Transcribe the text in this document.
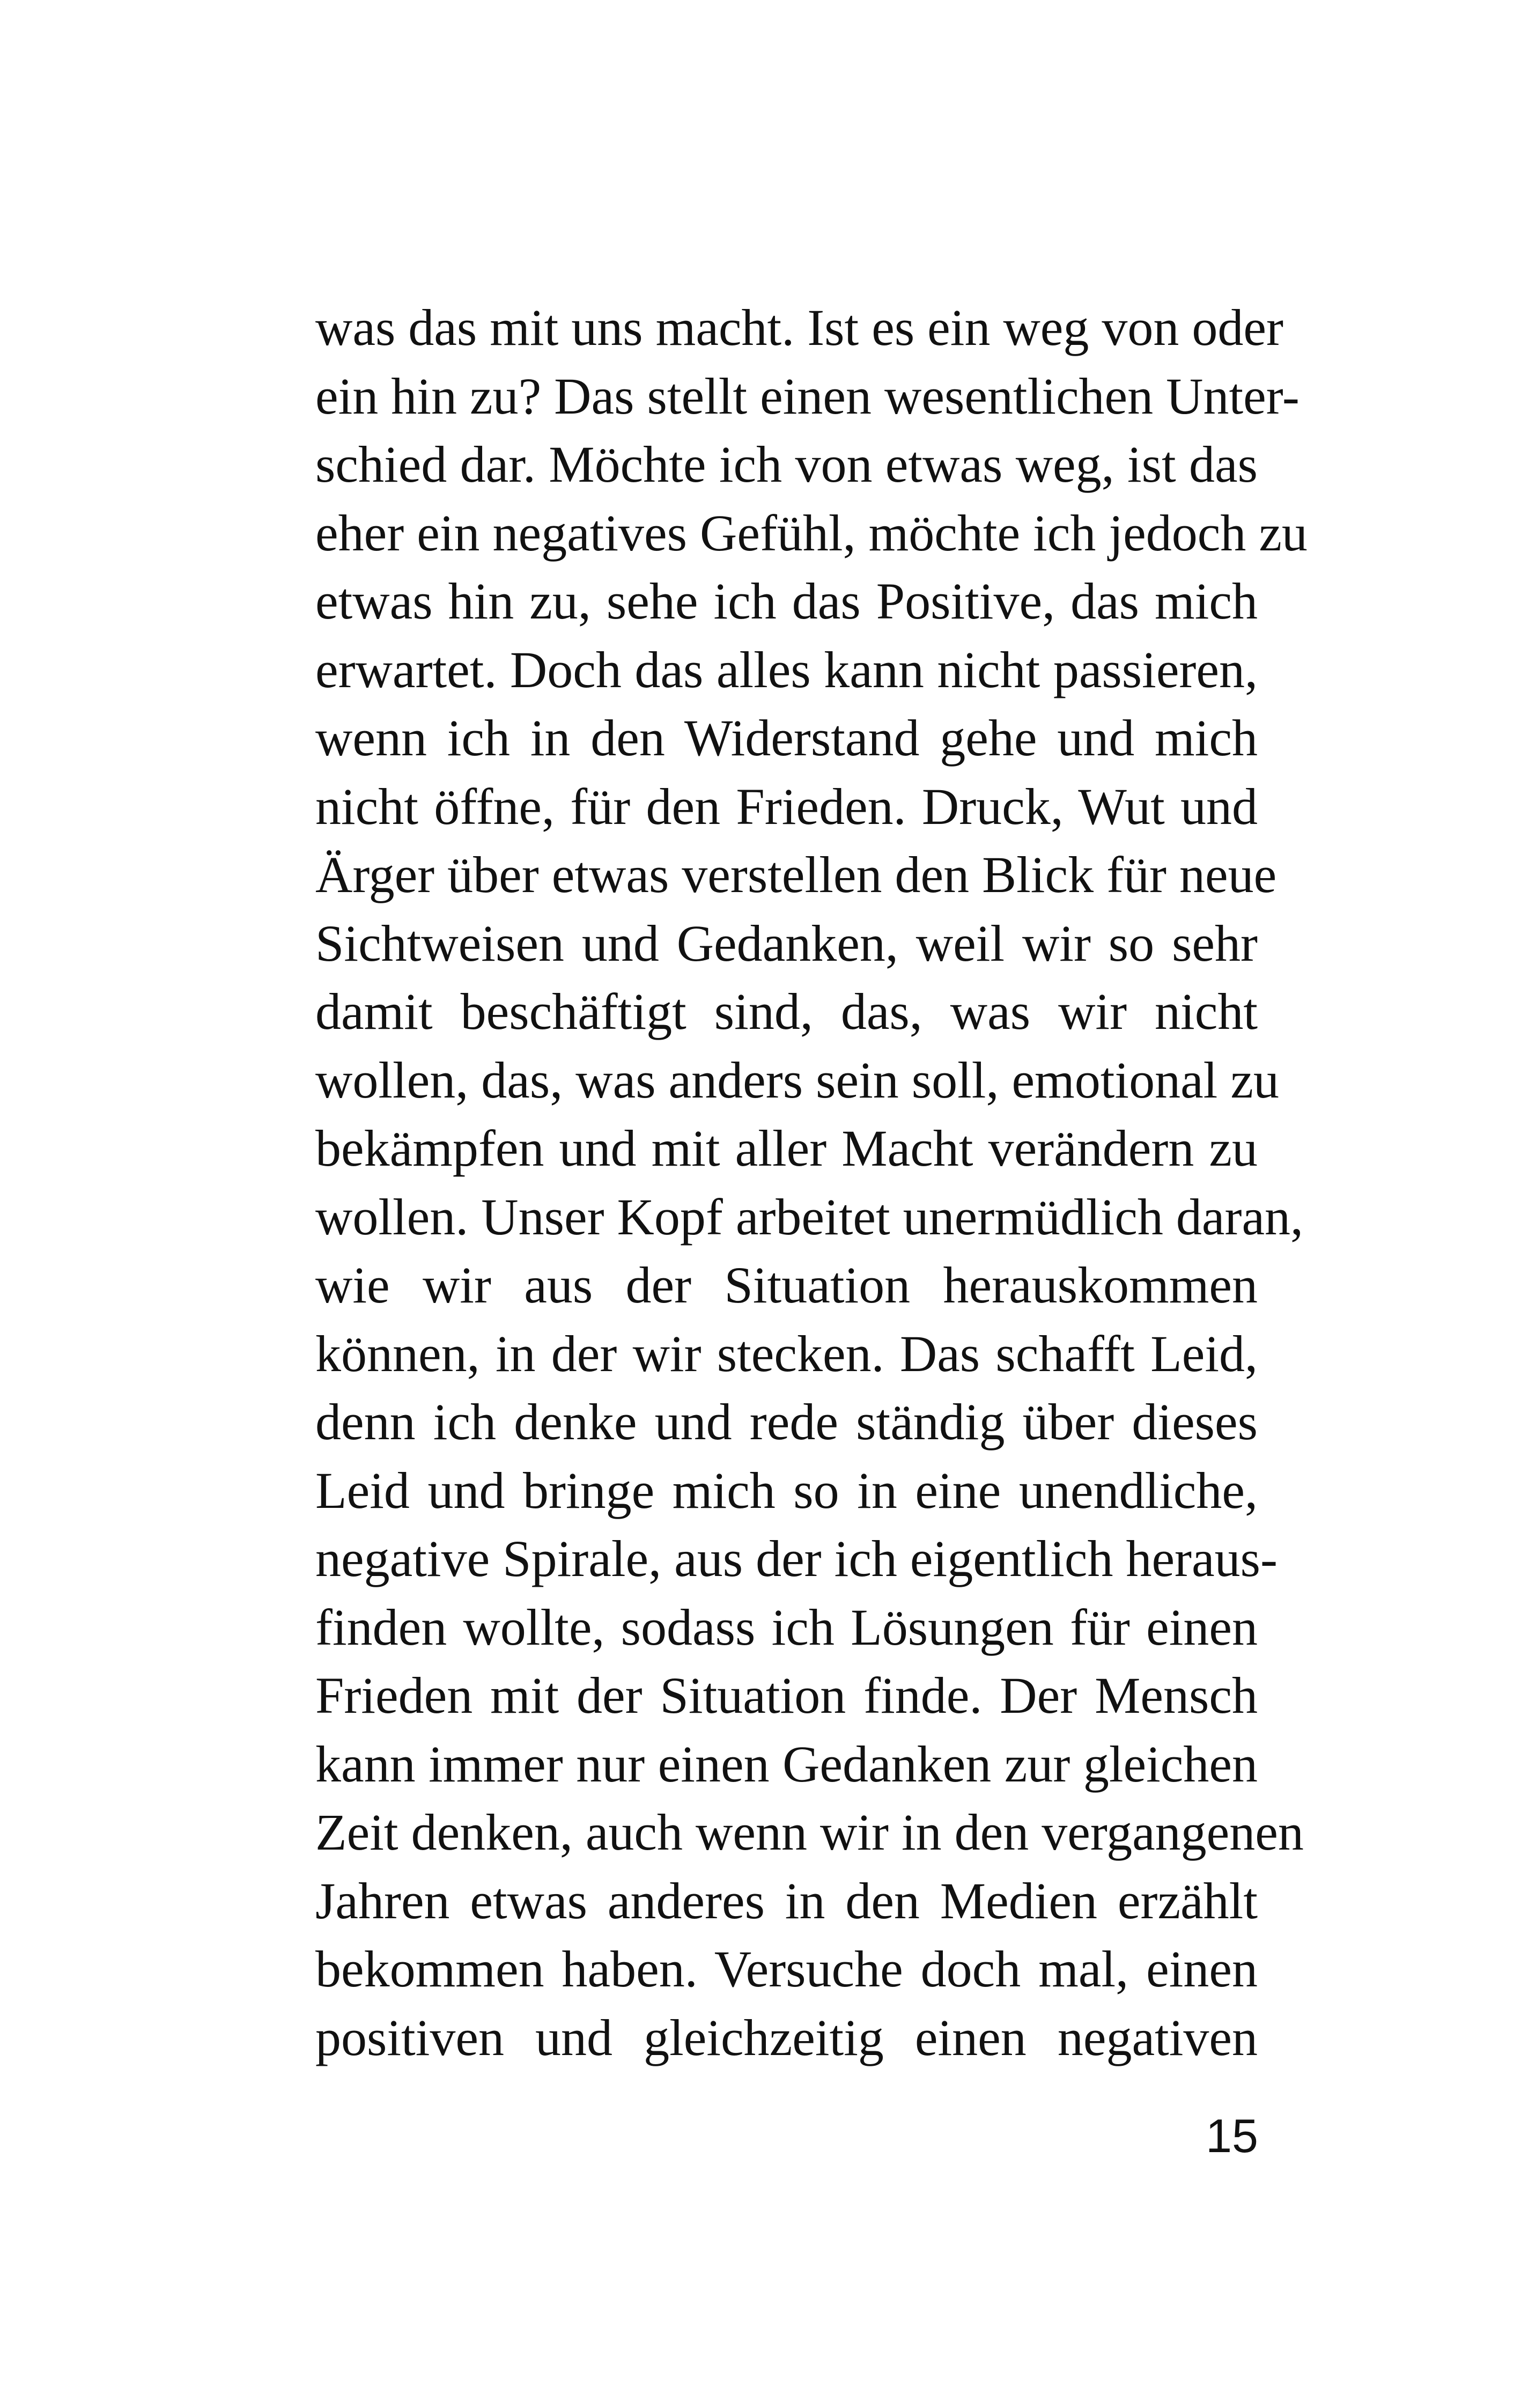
was das mit uns macht. Ist es ein weg von oder
ein hin zu? Das stellt einen wesentlichen Unter-
schied dar. Möchte ich von etwas weg, ist das
eher ein negatives Gefühl, möchte ich jedoch zu
etwas hin zu, sehe ich das Positive, das mich
erwartet. Doch das alles kann nicht passieren,
wenn ich in den Widerstand gehe und mich
nicht öffne, für den Frieden. Druck, Wut und
Ärger über etwas verstellen den Blick für neue
Sichtweisen und Gedanken, weil wir so sehr
damit beschäftigt sind, das, was wir nicht
wollen, das, was anders sein soll, emotional zu
bekämpfen und mit aller Macht verändern zu
wollen. Unser Kopf arbeitet unermüdlich daran,
wie wir aus der Situation herauskommen
können, in der wir stecken. Das schafft Leid,
denn ich denke und rede ständig über dieses
Leid und bringe mich so in eine unendliche,
negative Spirale, aus der ich eigentlich heraus-
finden wollte, sodass ich Lösungen für einen
Frieden mit der Situation finde. Der Mensch
kann immer nur einen Gedanken zur gleichen
Zeit denken, auch wenn wir in den vergangenen
Jahren etwas anderes in den Medien erzählt
bekommen haben. Versuche doch mal, einen
positiven und gleichzeitig einen negativen
15
